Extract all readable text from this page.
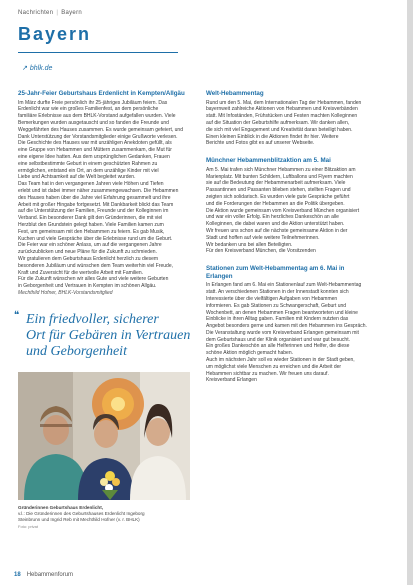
Nachrichten | Bayern
Bayern
↗ bhlk.de
25-Jahr-Feier Geburtshaus Erdenlicht in Kempten/Allgäu
Im März durfte Freie persönlich ihr 25-jähriges Jubiläum feiern. Das
Erdenlicht war wie ein großes Familienfest, an dem persönliche
familiäre Erlebnisse aus dem BHLK-Vorstand aufgefallen wurden. Viele
Bemerkungen wurden ausgetauscht und so fanden die Freunde und
Weggefährten des Hauses zusammen. Es wurde gemeinsam gefeiert, und
Dank Unterstützung der Vorstandsmitglieder einige Grußworte verlesen.
Die Geschichte des Hauses war mit unzähligen Anekdoten gefüllt, als
eine Gruppe von Hebammen und Müttern zusammenkam, die Mut für
eine eigene Idee hatten. Aus dem ursprünglichen Gedanken, Frauen
eine selbstbestimmte Geburt in einem geschützten Rahmen zu
ermöglichen, entstand ein Ort, an dem unzählige Kinder mit viel
Liebe und Achtsamkeit auf die Welt begleitet wurden.
Das Team hat in den vergangenen Jahren viele Höhen und Tiefen
erlebt und ist dabei immer näher zusammengewachsen. Die Hebammen
des Hauses haben über die Jahre viel Erfahrung gesammelt und ihre
Arbeit mit großer Hingabe fortgesetzt. Mit Dankbarkeit blickt das Team
auf die Unterstützung der Familien, Freunde und der Kolleginnen im
Verband. Ein besonderer Dank gilt den Gründerinnen, die mit viel
Herzblut den Grundstein gelegt haben. Viele Familien kamen zum
Fest, um gemeinsam mit den Hebammen zu feiern. Es gab Musik,
Kuchen und viele Gespräche über die Erlebnisse rund um die Geburt.
Die Feier war ein schöner Anlass, um auf die vergangenen Jahre
zurückzublicken und neue Pläne für die Zukunft zu schmieden.
Wir gratulieren dem Geburtshaus Erdenlicht herzlich zu diesem
besonderen Jubiläum und wünschen dem Team weiterhin viel Freude,
Kraft und Zuversicht für die wertvolle Arbeit mit Familien.
Für die Zukunft wünschen wir alles Gute und viele weitere Geburten
in Geborgenheit und Vertrauen in Kempten im schönen Allgäu.
Mechthild Hofner, BHLK-Vorstandsmitglied
❝ Ein friedvoller, sicherer
Ort für Gebären in Vertrauen
und Geborgenheit
Gründerinnen Geburtshaus Erdenlicht,
v.l.: Die Gründerinnen des Geburtshauses Erdenlicht Ingeborg
Steinbrunn und Ingrid Reb mit Mechthild Hofner (v. r. BHLK)
Foto: privat
Welt-Hebammentag
Rund um den 5. Mai, dem Internationalen Tag der Hebammen, fanden
bayernweit zahlreiche Aktionen von Hebammen und Kreisverbänden
statt. Mit Infoständen, Frühstücken und Festen machten Kolleginnen
auf die Situation der Geburtshilfe aufmerksam. Wir danken allen,
die sich mit viel Engagement und Kreativität daran beteiligt haben.
Einen kleinen Einblick in die Aktionen findet ihr hier. Weitere
Berichte und Fotos gibt es auf unserer Webseite.
Münchner Hebammenblitzaktion am 5. Mai
Am 5. Mai trafen sich Münchner Hebammen zu einer Blitzaktion am
Marienplatz. Mit bunten Schildern, Luftballons und Flyern machten
sie auf die Bedeutung der Hebammenarbeit aufmerksam. Viele
Passantinnen und Passanten blieben stehen, stellten Fragen und
zeigten sich solidarisch. Es wurden viele gute Gespräche geführt
und die Forderungen der Hebammen an die Politik übergeben.
Die Aktion wurde gemeinsam vom Kreisverband München organisiert
und war ein voller Erfolg. Ein herzliches Dankeschön an alle
Kolleginnen, die dabei waren und die Aktion unterstützt haben.
Wir freuen uns schon auf die nächste gemeinsame Aktion in der
Stadt und hoffen auf viele weitere Teilnehmerinnen.
Wir bedanken uns bei allen Beteiligten.
Für den Kreisverband München, die Vorsitzenden
Stationen zum Welt-Hebammentag am 6. Mai in Erlangen
In Erlangen fand am 6. Mai ein Stationenlauf zum Welt-Hebammentag
statt. An verschiedenen Stationen in der Innenstadt konnten sich
Interessierte über die vielfältigen Aufgaben von Hebammen
informieren. Es gab Stationen zu Schwangerschaft, Geburt und
Wochenbett, an denen Hebammen Fragen beantworteten und kleine
Einblicke in ihren Alltag gaben. Familien mit Kindern nutzten das
Angebot besonders gerne und kamen mit den Hebammen ins Gespräch.
Die Veranstaltung wurde vom Kreisverband Erlangen gemeinsam mit
dem Geburtshaus und der Klinik organisiert und war gut besucht.
Ein großes Dankeschön an alle Helferinnen und Helfer, die diese
schöne Aktion möglich gemacht haben.
Auch im nächsten Jahr soll es wieder Stationen in der Stadt geben,
um möglichst viele Menschen zu erreichen und die Arbeit der
Hebammen sichtbar zu machen. Wir freuen uns darauf.
Kreisverband Erlangen
18 Hebammenforum
